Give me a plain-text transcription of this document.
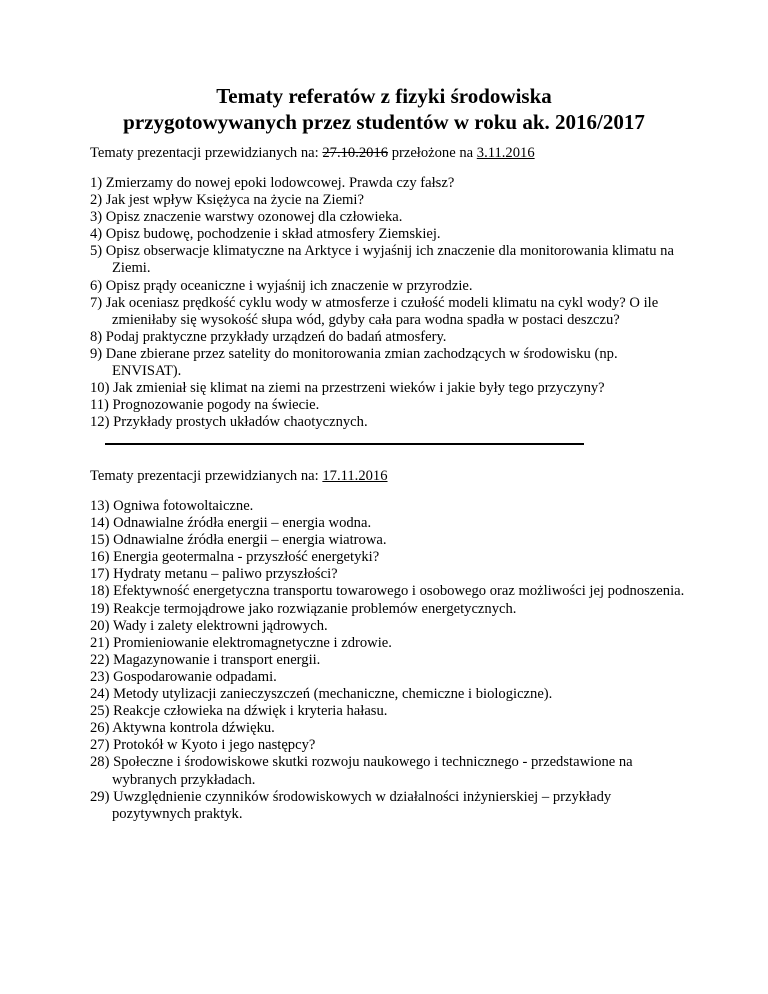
Tematy referatów z fizyki środowiska
przygotowywanych przez studentów w roku ak. 2016/2017
Tematy prezentacji przewidzianych na: 27.10.2016 przełożone na 3.11.2016
1) Zmierzamy do nowej epoki lodowcowej. Prawda czy fałsz?
2) Jak jest wpływ Księżyca na życie na Ziemi?
3) Opisz znaczenie warstwy ozonowej dla człowieka.
4) Opisz budowę, pochodzenie i skład atmosfery Ziemskiej.
5) Opisz obserwacje klimatyczne na Arktyce i wyjaśnij ich znaczenie dla monitorowania klimatu na Ziemi.
6) Opisz prądy oceaniczne i wyjaśnij ich znaczenie w przyrodzie.
7) Jak oceniasz prędkość cyklu wody w atmosferze i czułość modeli klimatu na cykl wody? O ile zmieniłaby się wysokość słupa wód, gdyby cała para wodna spadła w postaci deszczu?
8) Podaj praktyczne przykłady urządzeń do badań atmosfery.
9) Dane zbierane przez satelity do monitorowania zmian zachodzących w środowisku (np. ENVISAT).
10) Jak zmieniał się klimat na ziemi na przestrzeni wieków i jakie były tego przyczyny?
11) Prognozowanie pogody na świecie.
12) Przykłady prostych układów chaotycznych.
Tematy prezentacji przewidzianych na: 17.11.2016
13) Ogniwa fotowoltaiczne.
14) Odnawialne źródła energii – energia wodna.
15) Odnawialne źródła energii – energia wiatrowa.
16) Energia geotermalna - przyszłość energetyki?
17) Hydraty metanu – paliwo przyszłości?
18) Efektywność energetyczna transportu towarowego i osobowego oraz możliwości jej podnoszenia.
19) Reakcje termojądrowe jako rozwiązanie problemów energetycznych.
20) Wady i zalety elektrowni jądrowych.
21) Promieniowanie elektromagnetyczne i zdrowie.
22) Magazynowanie i transport energii.
23) Gospodarowanie odpadami.
24) Metody utylizacji zanieczyszczeń (mechaniczne, chemiczne i biologiczne).
25) Reakcje człowieka na dźwięk i kryteria hałasu.
26) Aktywna kontrola dźwięku.
27) Protokół w Kyoto i jego następcy?
28) Społeczne i środowiskowe skutki rozwoju naukowego i technicznego - przedstawione na wybranych przykładach.
29) Uwzględnienie czynników środowiskowych w działalności inżynierskiej – przykłady pozytywnych praktyk.
